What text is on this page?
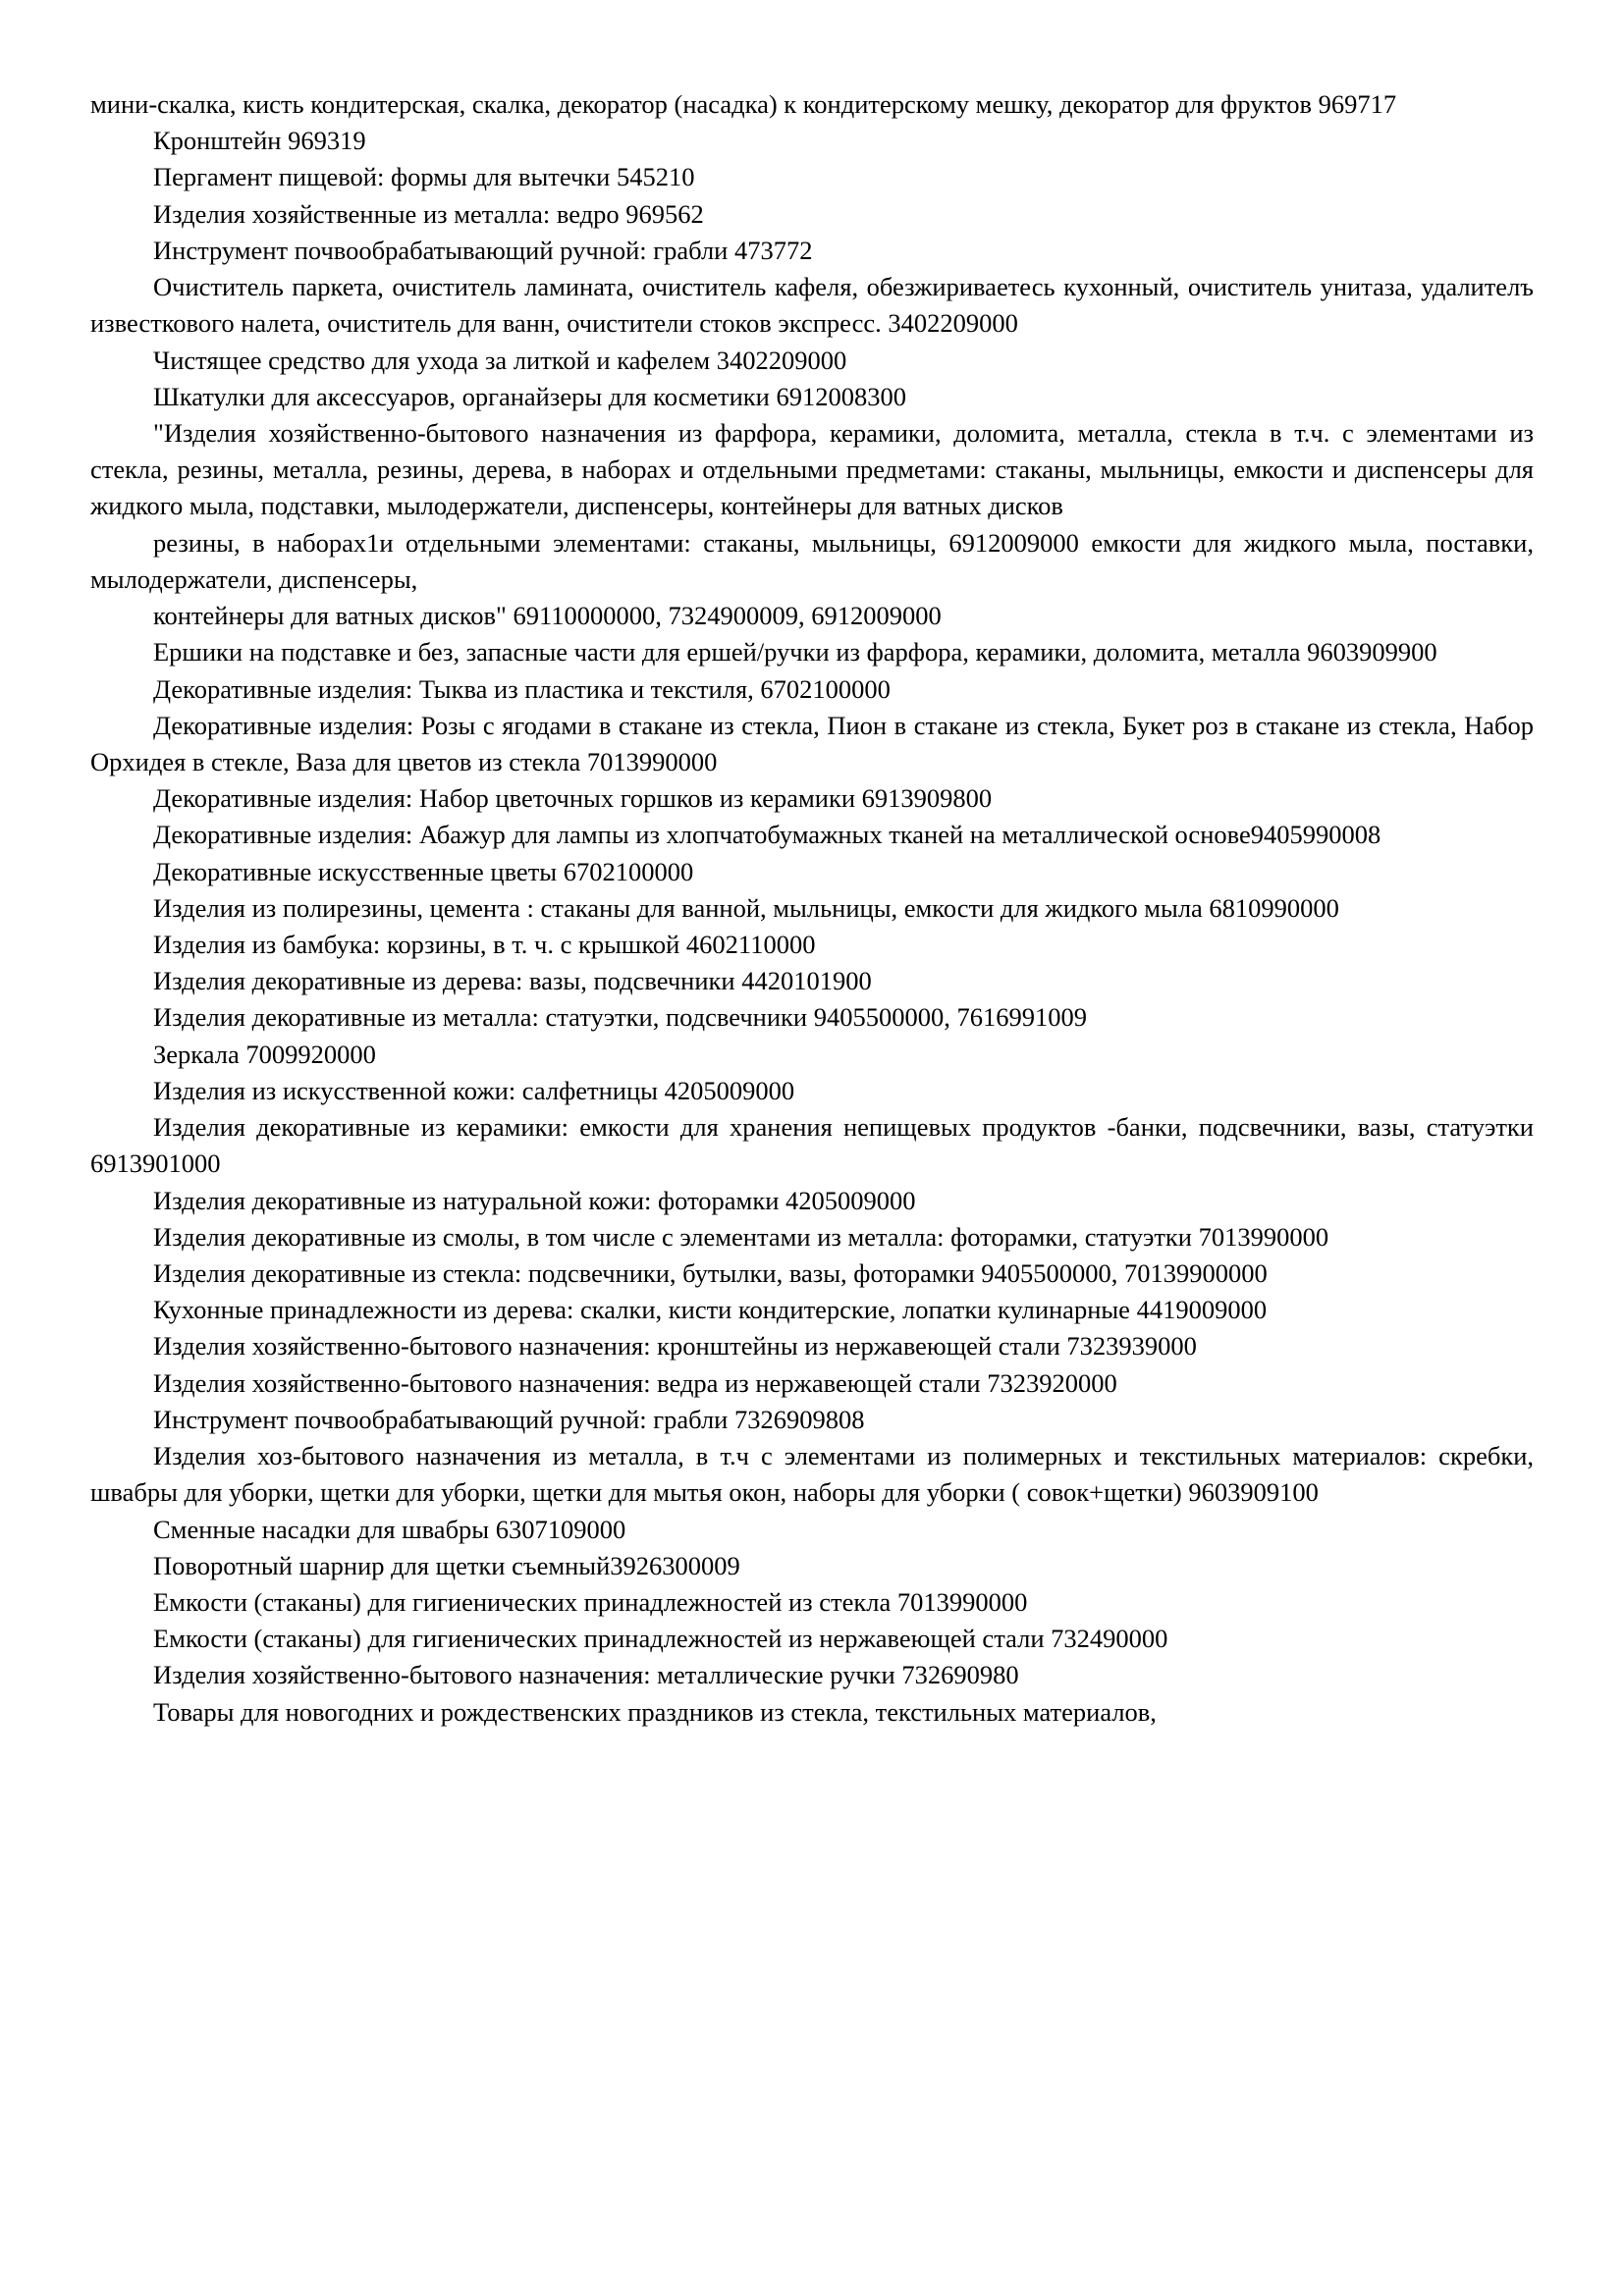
мини-скалка, кисть кондитерская, скалка, декоратор (насадка) к кондитерскому мешку, декоратор для фруктов 969717

Кронштейн 969319

Пергамент пищевой: формы для вытечки 545210

Изделия хозяйственные из металла: ведро 969562

Инструмент почвообрабатывающий ручной: грабли 473772

Очиститель паркета, очиститель ламината, очиститель кафеля, обезжириваетесь кухонный, очиститель унитаза, удалителъ известкового налета, очиститель для ванн, очистители стоков экспресс. 3402209000

Чистящее средство для ухода за литкой и кафелем 3402209000

Шкатулки для аксессуаров, органайзеры для косметики 6912008300

"Изделия хозяйственно-бытового назначения из фарфора, керамики, доломита, металла, стекла в т.ч. с элементами из стекла, резины, металла, резины, дерева, в наборах и отдельными предметами: стаканы, мыльницы, емкости и диспенсеры для жидкого мыла, подставки, мылодержатели, диспенсеры, контейнеры для ватных дисков

резины, в наборах1и отдельными элементами: стаканы, мыльницы, 6912009000 емкости для жидкого мыла, поставки, мылодержатели, диспенсеры,

контейнеры для ватных дисков" 69110000000, 7324900009, 6912009000

Ершики на подставке и без, запасные части для ершей/ручки из фарфора, керамики, доломита, металла 9603909900

Декоративные изделия: Тыква из пластика и текстиля, 6702100000

Декоративные изделия: Розы с ягодами в стакане из стекла, Пион в стакане из стекла, Букет роз в стакане из стекла, Набор Орхидея в стекле, Ваза для цветов из стекла 7013990000

Декоративные изделия: Набор цветочных горшков из керамики 6913909800

Декоративные изделия: Абажур для лампы из хлопчатобумажных тканей на металлической основе9405990008

Декоративные искусственные цветы 6702100000

Изделия из полирезины, цемента : стаканы для ванной, мыльницы, емкости для жидкого мыла 6810990000

Изделия из бамбука: корзины, в т. ч. с крышкой 4602110000

Изделия декоративные из дерева: вазы, подсвечники 4420101900

Изделия декоративные из металла: статуэтки, подсвечники 9405500000, 7616991009

Зеркала 7009920000

Изделия из искусственной кожи: салфетницы 4205009000

Изделия декоративные из керамики: емкости для хранения непищевых продуктов -банки, подсвечники, вазы, статуэтки 6913901000

Изделия декоративные из натуральной кожи: фоторамки 4205009000

Изделия декоративные из смолы, в том числе с элементами из металла: фоторамки, статуэтки 7013990000

Изделия декоративные из стекла: подсвечники, бутылки, вазы, фоторамки 9405500000, 70139900000

Кухонные принадлежности из дерева: скалки, кисти кондитерские, лопатки кулинарные 4419009000

Изделия хозяйственно-бытового назначения: кронштейны из нержавеющей стали 7323939000

Изделия хозяйственно-бытового назначения: ведра из нержавеющей стали 7323920000

Инструмент почвообрабатывающий ручной: грабли 7326909808

Изделия хоз-бытового назначения из металла, в т.ч с элементами из полимерных и текстильных материалов: скребки, швабры для уборки, щетки для уборки, щетки для мытья окон, наборы для уборки ( совок+щетки) 9603909100

Сменные насадки для швабры 6307109000

Поворотный шарнир для щетки съемный3926300009

Емкости (стаканы) для гигиенических принадлежностей из стекла 7013990000

Емкости (стаканы) для гигиенических принадлежностей из нержавеющей стали 732490000

Изделия хозяйственно-бытового назначения: металлические ручки 732690980

Товары для новогодних и рождественских праздников из стекла, текстильных материалов,
